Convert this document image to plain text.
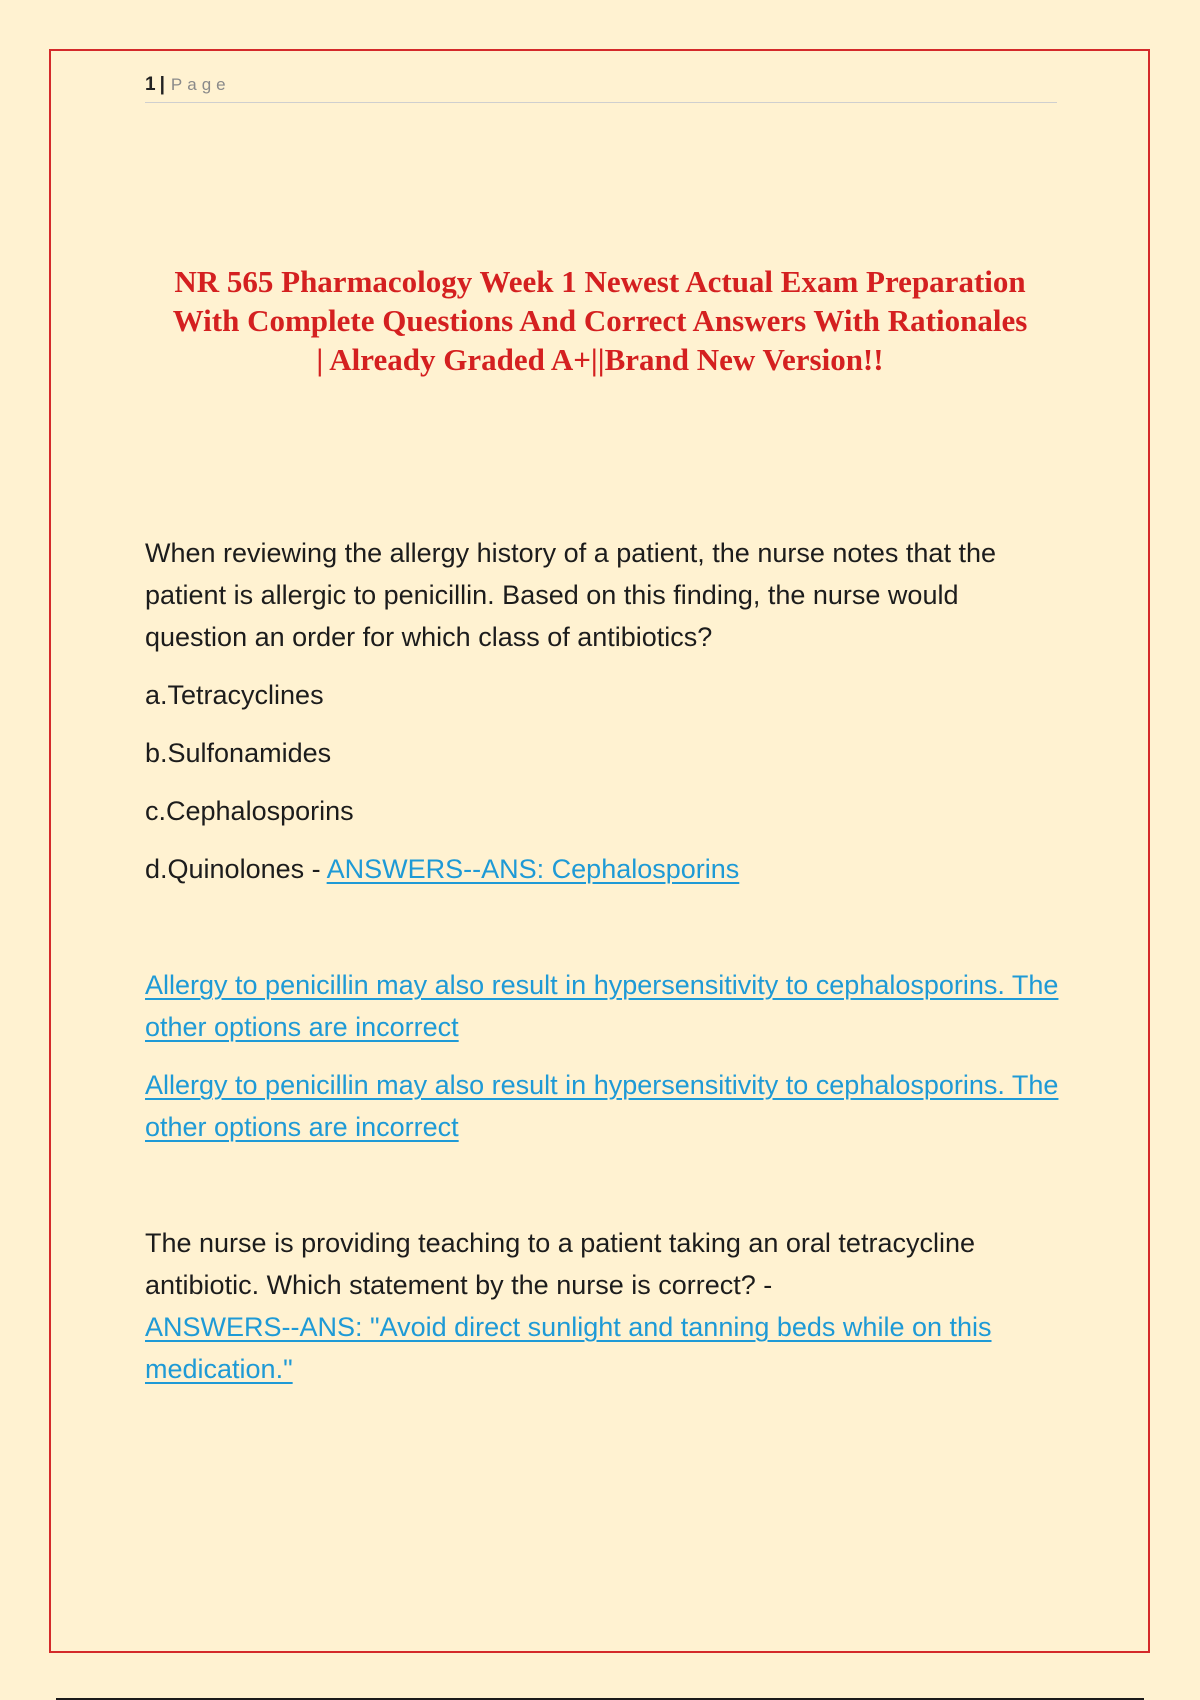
1 | Page
NR 565 Pharmacology Week 1 Newest Actual Exam Preparation
With Complete Questions And Correct Answers With Rationales
| Already Graded A+||Brand New Version!!

When reviewing the allergy history of a patient, the nurse notes that the patient is allergic to penicillin. Based on this finding, the nurse would question an order for which class of antibiotics?

a.Tetracyclines

b.Sulfonamides

c.Cephalosporins

d.Quinolones - ANSWERS--ANS: Cephalosporins

Allergy to penicillin may also result in hypersensitivity to cephalosporins. The other options are incorrect

Allergy to penicillin may also result in hypersensitivity to cephalosporins. The other options are incorrect

The nurse is providing teaching to a patient taking an oral tetracycline antibiotic. Which statement by the nurse is correct? -
ANSWERS--ANS: "Avoid direct sunlight and tanning beds while on this medication."
